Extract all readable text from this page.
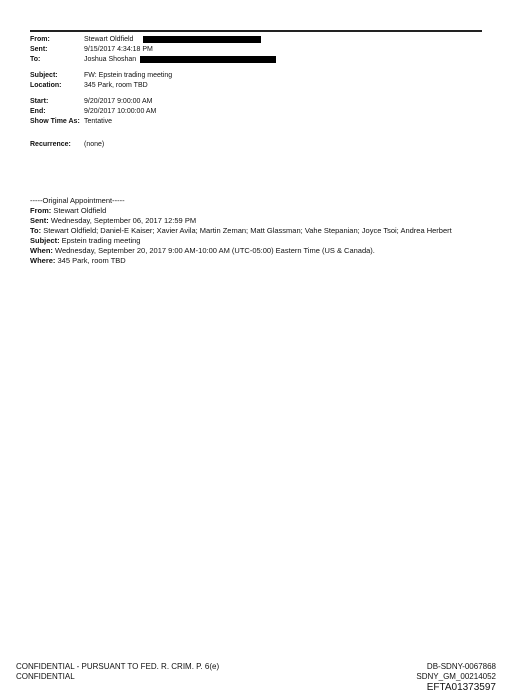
From:	Stewart Oldfield
Sent:	9/15/2017 4:34:18 PM
To:	Joshua Shoshan
Subject:	FW: Epstein trading meeting
Location:	345 Park, room TBD
Start:	9/20/2017 9:00:00 AM
End:	9/20/2017 10:00:00 AM
Show Time As: Tentative
Recurrence: (none)
-----Original Appointment-----
From: Stewart Oldfield
Sent: Wednesday, September 06, 2017 12:59 PM
To: Stewart Oldfield; Daniel-E Kaiser; Xavier Avila; Martin Zeman; Matt Glassman; Vahe Stepanian; Joyce Tsoi; Andrea Herbert
Subject: Epstein trading meeting
When: Wednesday, September 20, 2017 9:00 AM-10:00 AM (UTC-05:00) Eastern Time (US & Canada).
Where: 345 Park, room TBD
CONFIDENTIAL - PURSUANT TO FED. R. CRIM. P. 6(e)
CONFIDENTIAL
DB-SDNY-0067868
SDNY_GM_00214052
EFTA01373597
